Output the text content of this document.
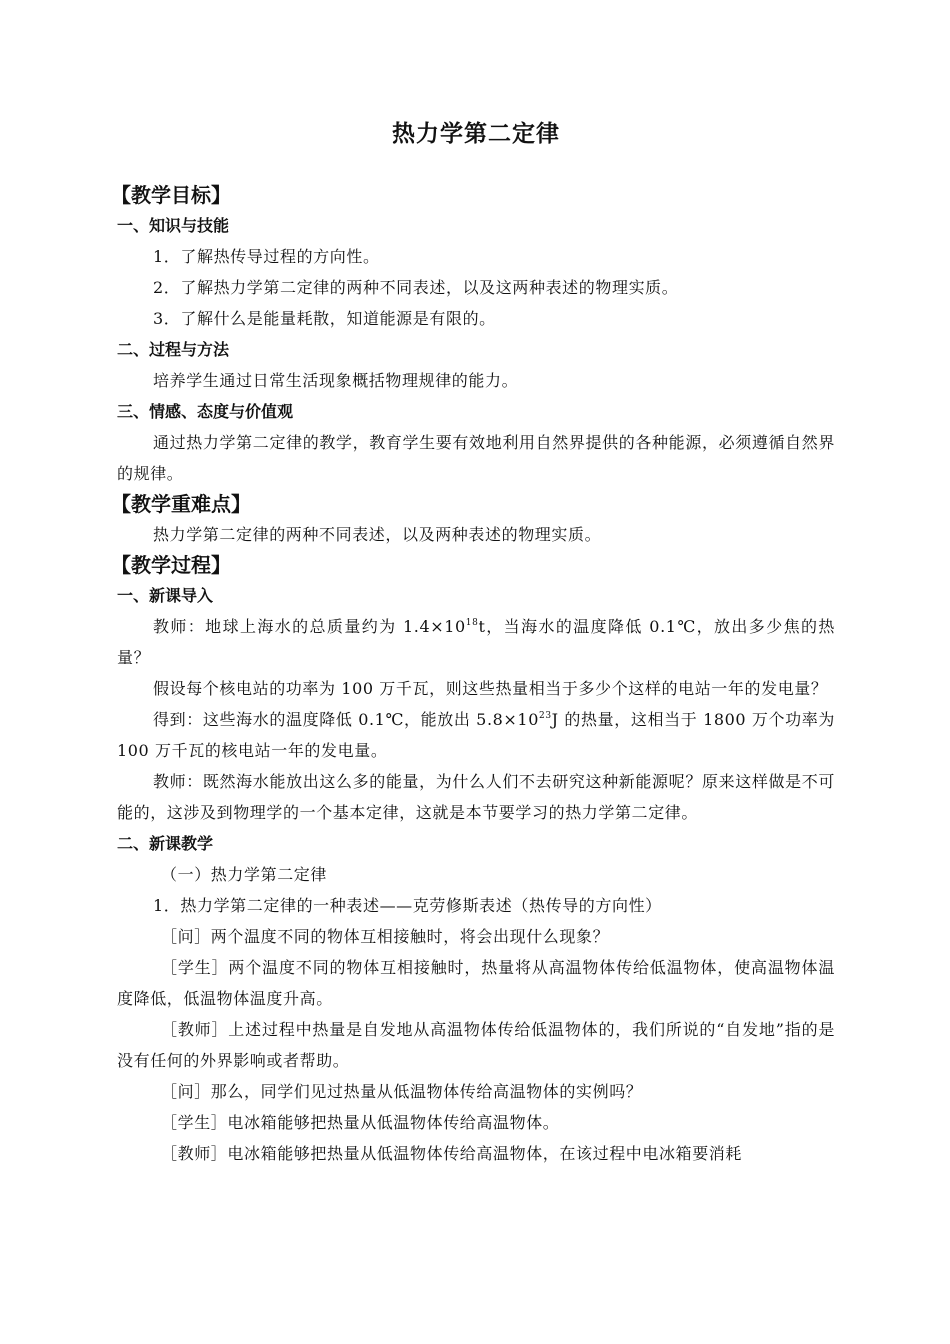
热力学第二定律
【教学目标】
一、知识与技能
1．了解热传导过程的方向性。
2．了解热力学第二定律的两种不同表述，以及这两种表述的物理实质。
3．了解什么是能量耗散，知道能源是有限的。
二、过程与方法
培养学生通过日常生活现象概括物理规律的能力。
三、情感、态度与价值观
通过热力学第二定律的教学，教育学生要有效地利用自然界提供的各种能源，必须遵循自然界的规律。
【教学重难点】
热力学第二定律的两种不同表述，以及两种表述的物理实质。
【教学过程】
一、新课导入
教师：地球上海水的总质量约为 $1.4\times 10^{18}t$，当海水的温度降低 0.1℃，放出多少焦的热量？
假设每个核电站的功率为 100 万千瓦，则这些热量相当于多少个这样的电站一年的发电量？
得到：这些海水的温度降低 0.1℃，能放出 $5.8\times 10^{23}J$ 的热量，这相当于 1800 万个功率为 100 万千瓦的核电站一年的发电量。
教师：既然海水能放出这么多的能量，为什么人们不去研究这种新能源呢？原来这样做是不可能的，这涉及到物理学的一个基本定律，这就是本节要学习的热力学第二定律。
二、新课教学
（一）热力学第二定律
1．热力学第二定律的一种表述——克劳修斯表述（热传导的方向性）
［问］两个温度不同的物体互相接触时，将会出现什么现象？
［学生］两个温度不同的物体互相接触时，热量将从高温物体传给低温物体，使高温物体温度降低，低温物体温度升高。
［教师］上述过程中热量是自发地从高温物体传给低温物体的，我们所说的“自发地”指的是没有任何的外界影响或者帮助。
［问］那么，同学们见过热量从低温物体传给高温物体的实例吗？
［学生］电冰箱能够把热量从低温物体传给高温物体。
［教师］电冰箱能够把热量从低温物体传给高温物体，在该过程中电冰箱要消耗
